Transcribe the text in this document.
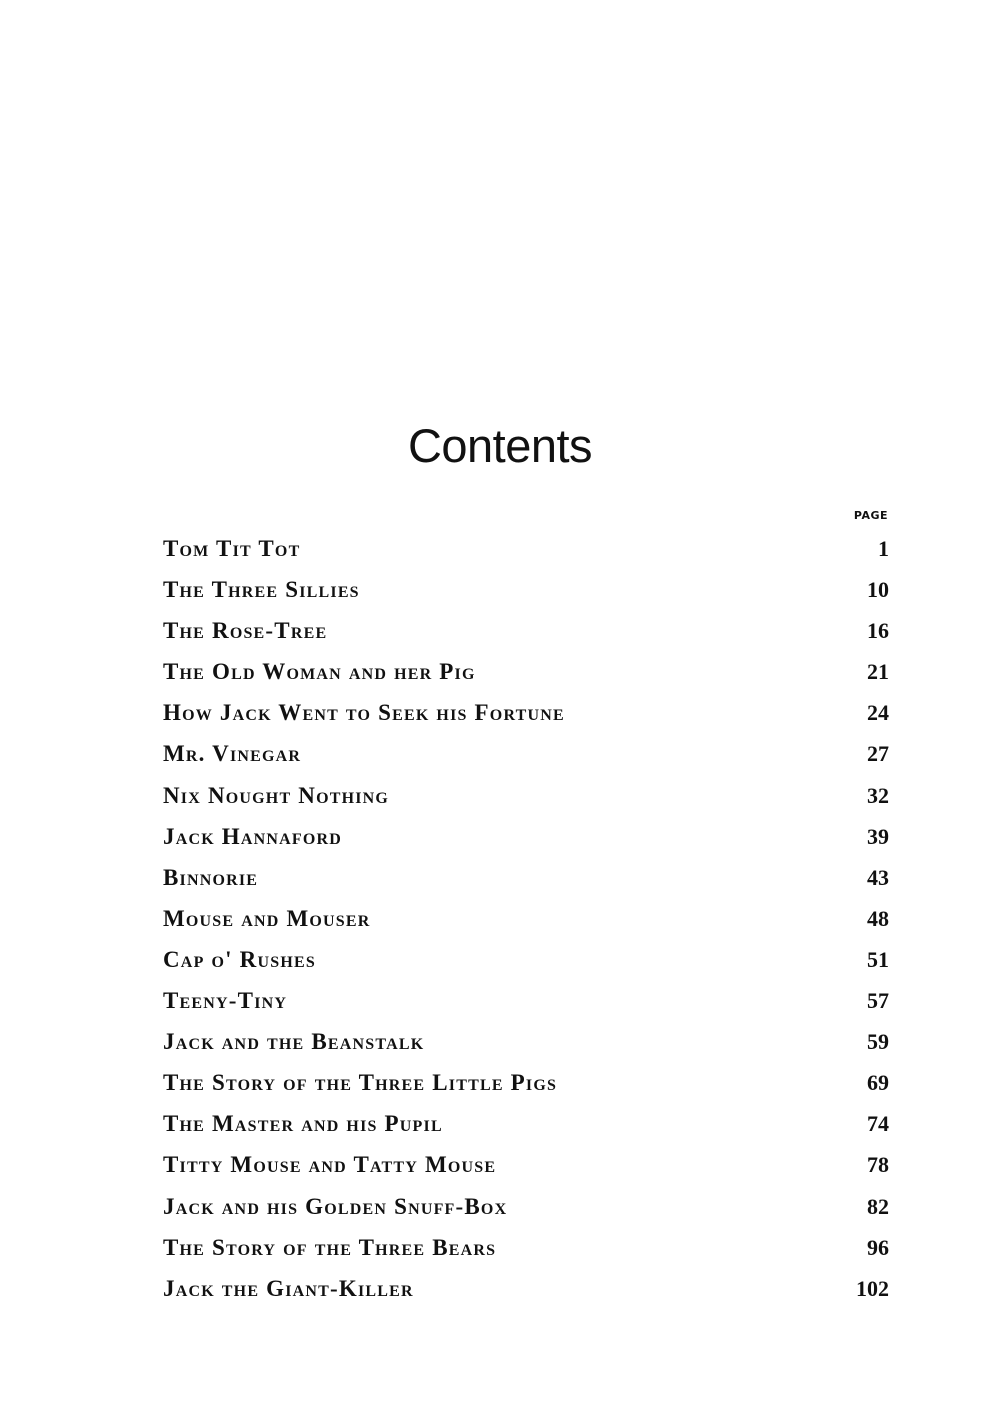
Contents
PAGE
Tom Tit Tot	1
The Three Sillies	10
The Rose-Tree	16
The Old Woman and her Pig	21
How Jack Went to Seek his Fortune	24
Mr. Vinegar	27
Nix Nought Nothing	32
Jack Hannaford	39
Binnorie	43
Mouse and Mouser	48
Cap o' Rushes	51
Teeny-Tiny	57
Jack and the Beanstalk	59
The Story of the Three Little Pigs	69
The Master and his Pupil	74
Titty Mouse and Tatty Mouse	78
Jack and his Golden Snuff-Box	82
The Story of the Three Bears	96
Jack the Giant-Killer	102
